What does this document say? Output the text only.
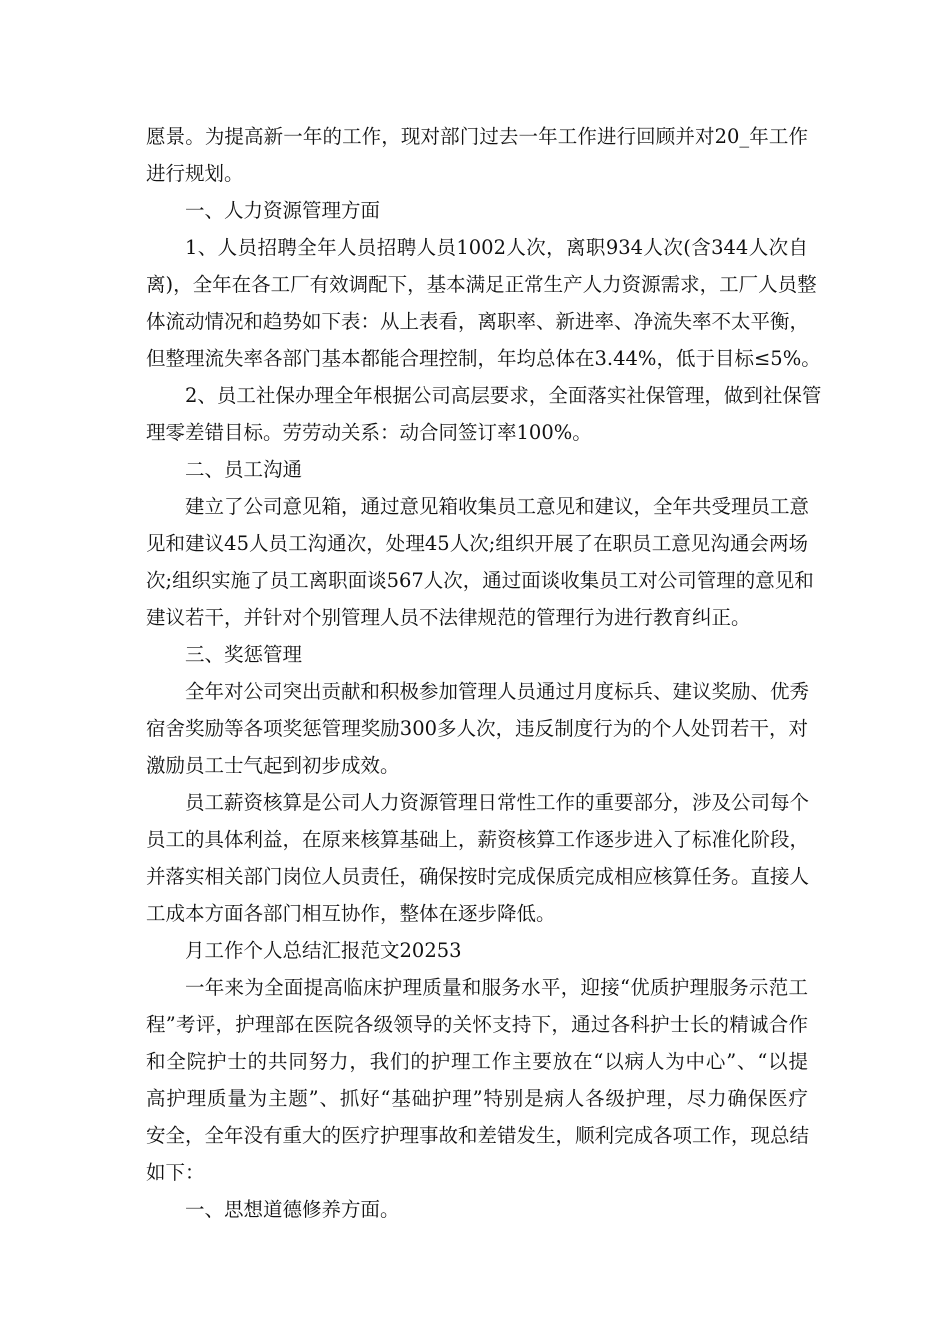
愿景。为提高新一年的工作，现对部门过去一年工作进行回顾并对20_年工作
进行规划。
一、人力资源管理方面
1、人员招聘全年人员招聘人员1002人次，离职934人次(含344人次自
离)，全年在各工厂有效调配下，基本满足正常生产人力资源需求，工厂人员整
体流动情况和趋势如下表：从上表看，离职率、新进率、净流失率不太平衡，
但整理流失率各部门基本都能合理控制，年均总体在3.44%，低于目标≤5%。
2、员工社保办理全年根据公司高层要求，全面落实社保管理，做到社保管
理零差错目标。劳劳动关系：动合同签订率100%。
二、员工沟通
建立了公司意见箱，通过意见箱收集员工意见和建议，全年共受理员工意
见和建议45人员工沟通次，处理45人次;组织开展了在职员工意见沟通会两场
次;组织实施了员工离职面谈567人次，通过面谈收集员工对公司管理的意见和
建议若干，并针对个别管理人员不法律规范的管理行为进行教育纠正。
三、奖惩管理
全年对公司突出贡献和积极参加管理人员通过月度标兵、建议奖励、优秀
宿舍奖励等各项奖惩管理奖励300多人次，违反制度行为的个人处罚若干，对
激励员工士气起到初步成效。
员工薪资核算是公司人力资源管理日常性工作的重要部分，涉及公司每个
员工的具体利益，在原来核算基础上，薪资核算工作逐步进入了标准化阶段，
并落实相关部门岗位人员责任，确保按时完成保质完成相应核算任务。直接人
工成本方面各部门相互协作，整体在逐步降低。
月工作个人总结汇报范文20253
一年来为全面提高临床护理质量和服务水平，迎接“优质护理服务示范工
程”考评，护理部在医院各级领导的关怀支持下，通过各科护士长的精诚合作
和全院护士的共同努力，我们的护理工作主要放在“以病人为中心”、“以提
高护理质量为主题”、抓好“基础护理”特别是病人各级护理，尽力确保医疗
安全，全年没有重大的医疗护理事故和差错发生，顺利完成各项工作，现总结
如下：
一、思想道德修养方面。
